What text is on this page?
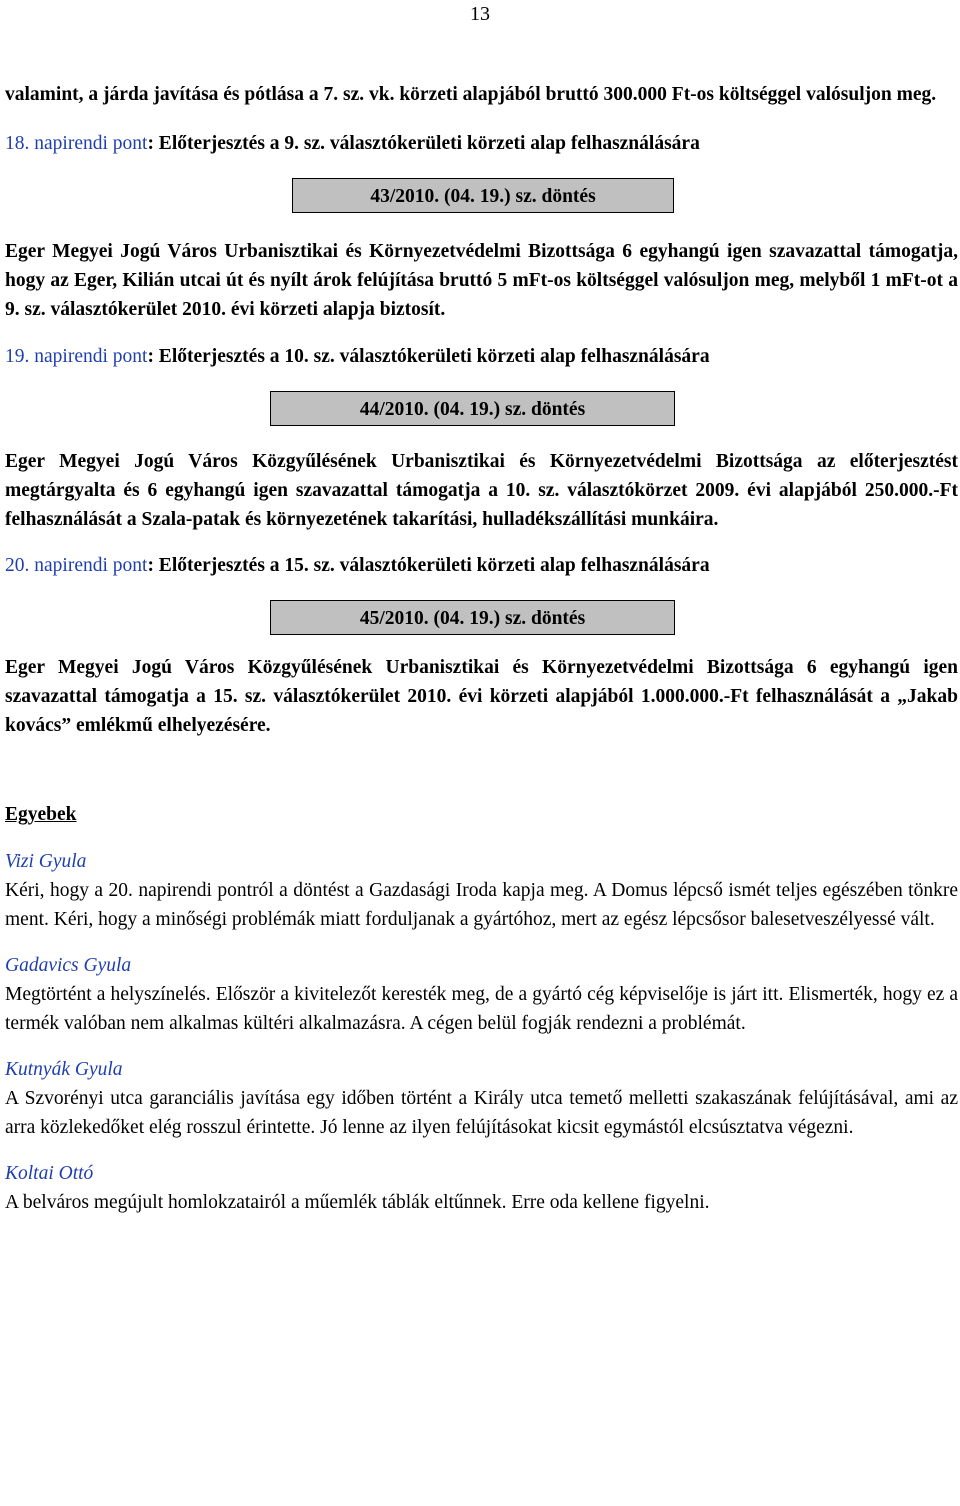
13

valamint, a járda javítása és pótlása a 7. sz. vk. körzeti alapjából bruttó 300.000 Ft-os költséggel valósuljon meg.

18. napirendi pont: Előterjesztés a 9. sz. választókerületi körzeti alap felhasználására

43/2010. (04. 19.) sz. döntés

Eger Megyei Jogú Város Urbanisztikai és Környezetvédelmi Bizottsága 6 egyhangú igen szavazattal támogatja, hogy az Eger, Kilián utcai út és nyílt árok felújítása bruttó 5 mFt-os költséggel valósuljon meg, melyből 1 mFt-ot a 9. sz. választókerület 2010. évi körzeti alapja biztosít.

19. napirendi pont: Előterjesztés a 10. sz. választókerületi körzeti alap felhasználására

44/2010. (04. 19.) sz. döntés

Eger Megyei Jogú Város Közgyűlésének Urbanisztikai és Környezetvédelmi Bizottsága az előterjesztést megtárgyalta és 6 egyhangú igen szavazattal támogatja a 10. sz. választókörzet 2009. évi alapjából 250.000.-Ft felhasználását a Szala-patak és környezetének takarítási, hulladékszállítási munkáira.

20. napirendi pont: Előterjesztés a 15. sz. választókerületi körzeti alap felhasználására

45/2010. (04. 19.) sz. döntés

Eger Megyei Jogú Város Közgyűlésének Urbanisztikai és Környezetvédelmi Bizottsága 6 egyhangú igen szavazattal támogatja a 15. sz. választókerület 2010. évi körzeti alapjából 1.000.000.-Ft felhasználását a „Jakab kovács” emlékmű elhelyezésére.

Egyebek

Vizi Gyula

Kéri, hogy a 20. napirendi pontról a döntést a Gazdasági Iroda kapja meg. A Domus lépcső ismét teljes egészében tönkre ment. Kéri, hogy a minőségi problémák miatt forduljanak a gyártóhoz, mert az egész lépcsősor balesetveszélyessé vált.

Gadavics Gyula

Megtörtént a helyszínelés. Először a kivitelezőt keresték meg, de a gyártó cég képviselője is járt itt. Elismerték, hogy ez a termék valóban nem alkalmas kültéri alkalmazásra. A cégen belül fogják rendezni a problémát.

Kutnyák Gyula

A Szvorényi utca garanciális javítása egy időben történt a Király utca temető melletti szakaszának felújításával, ami az arra közlekedőket elég rosszul érintette. Jó lenne az ilyen felújításokat kicsit egymástól elcsúsztatva végezni.

Koltai Ottó

A belváros megújult homlokzatairól a műemlék táblák eltűnnek. Erre oda kellene figyelni.
